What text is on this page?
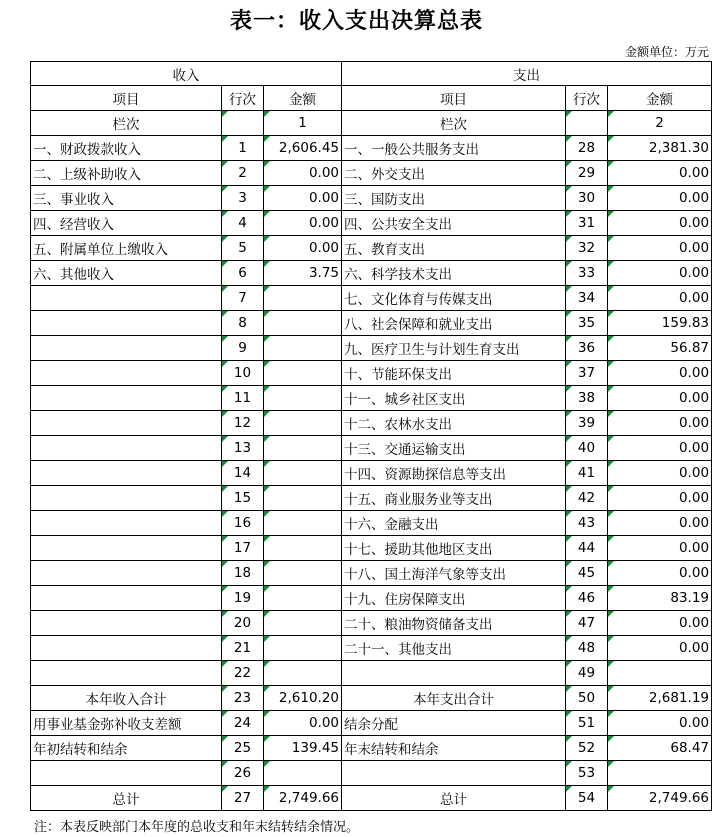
表一：收入支出决算总表
金额单位：万元
收入			支出		
项目	行次	金额	项目	行次	金额
栏次		1	栏次		2
一、财政拨款收入	1	2,606.45	一、一般公共服务支出	28	2,381.30
二、上级补助收入	2	0.00	二、外交支出	29	0.00
三、事业收入	3	0.00	三、国防支出	30	0.00
四、经营收入	4	0.00	四、公共安全支出	31	0.00
五、附属单位上缴收入	5	0.00	五、教育支出	32	0.00
六、其他收入	6	3.75	六、科学技术支出	33	0.00
	7		七、文化体育与传媒支出	34	0.00
	8		八、社会保障和就业支出	35	159.83
	9		九、医疗卫生与计划生育支出	36	56.87
	10		十、节能环保支出	37	0.00
	11		十一、城乡社区支出	38	0.00
	12		十二、农林水支出	39	0.00
	13		十三、交通运输支出	40	0.00
	14		十四、资源勘探信息等支出	41	0.00
	15		十五、商业服务业等支出	42	0.00
	16		十六、金融支出	43	0.00
	17		十七、援助其他地区支出	44	0.00
	18		十八、国土海洋气象等支出	45	0.00
	19		十九、住房保障支出	46	83.19
	20		二十、粮油物资储备支出	47	0.00
	21		二十一、其他支出	48	0.00
	22			49	
本年收入合计	23	2,610.20	本年支出合计	50	2,681.19
用事业基金弥补收支差额	24	0.00	结余分配	51	0.00
年初结转和结余	25	139.45	年末结转和结余	52	68.47
	26			53	
总计	27	2,749.66	总计	54	2,749.66
注：本表反映部门本年度的总收支和年末结转结余情况。
